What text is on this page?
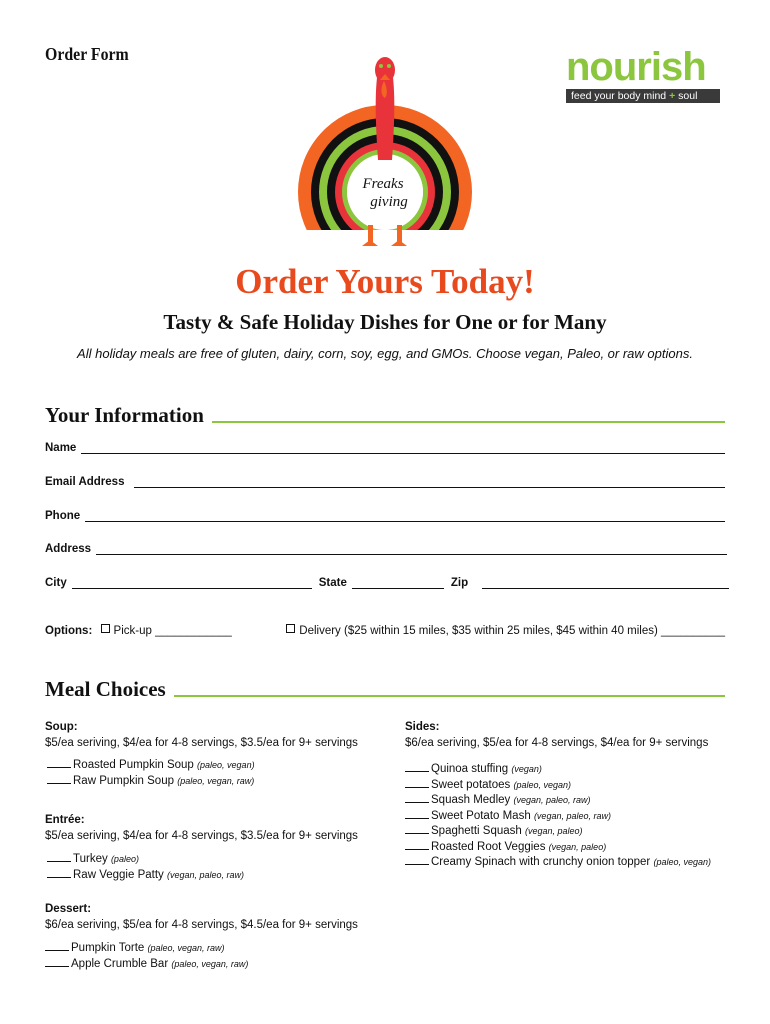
Order Form
Freaks
giving
nourish
feed your body mind + soul
Order Yours Today!
Tasty & Safe Holiday Dishes for One or for Many
All holiday meals are free of gluten, dairy, corn, soy, egg, and GMOs. Choose vegan, Paleo, or raw options.
Your Information
Name
Email Address
Phone
Address
City	State	Zip
Options:	Pick-up ____________	Delivery ($25 within 15 miles, $35 within 25 miles, $45 within 40 miles) __________
Meal Choices
Soup:
$5/ea seriving, $4/ea for 4-8 servings, $3.5/ea for 9+ servings
Roasted Pumpkin Soup (paleo, vegan)
Raw Pumpkin Soup (paleo, vegan, raw)
Entrée:
$5/ea seriving, $4/ea for 4-8 servings, $3.5/ea for 9+ servings
Turkey (paleo)
Raw Veggie Patty (vegan, paleo, raw)
Dessert:
$6/ea seriving, $5/ea for 4-8 servings, $4.5/ea for 9+ servings
Pumpkin Torte (paleo, vegan, raw)
Apple Crumble Bar (paleo, vegan, raw)
Sides:
$6/ea seriving, $5/ea for 4-8 servings, $4/ea for 9+ servings
Quinoa stuffing (vegan)
Sweet potatoes (paleo, vegan)
Squash Medley (vegan, paleo, raw)
Sweet Potato Mash (vegan, paleo, raw)
Spaghetti Squash (vegan, paleo)
Roasted Root Veggies (vegan, paleo)
Creamy Spinach with crunchy onion topper (paleo, vegan)
